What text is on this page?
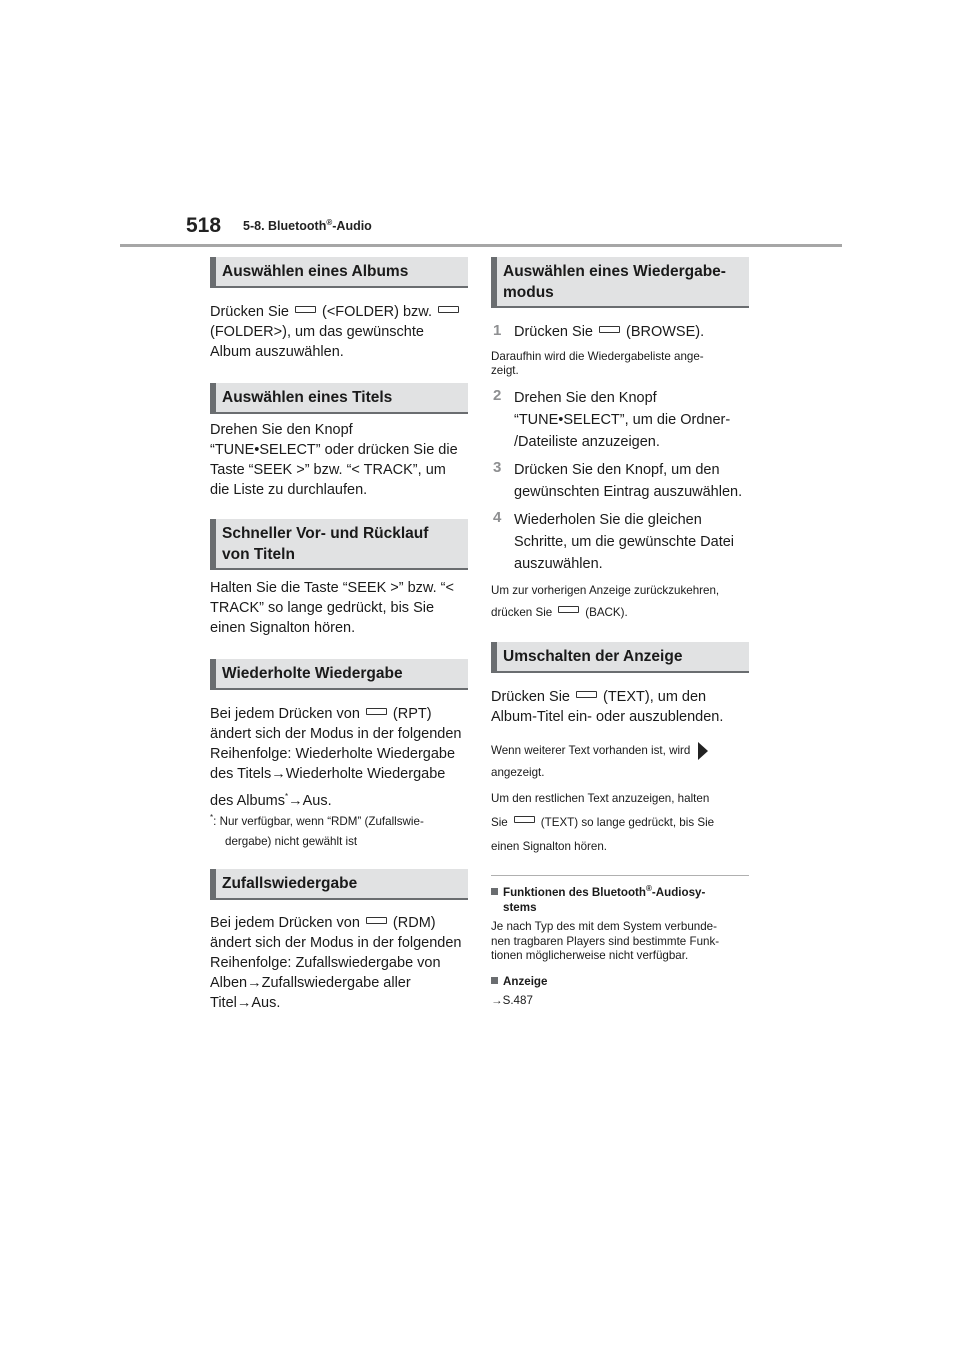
518 5-8. Bluetooth®-Audio
Auswählen eines Albums
Drücken Sie (<FOLDER) bzw.
(FOLDER>), um das gewünschte
Album auszuwählen.
Auswählen eines Titels
Drehen Sie den Knopf
“TUNE•SELECT” oder drücken Sie die
Taste “SEEK >” bzw. “< TRACK”, um
die Liste zu durchlaufen.
Schneller Vor- und Rücklauf
von Titeln
Halten Sie die Taste “SEEK >” bzw. “<
TRACK” so lange gedrückt, bis Sie
einen Signalton hören.
Wiederholte Wiedergabe
Bei jedem Drücken von (RPT)
ändert sich der Modus in der folgenden
Reihenfolge: Wiederholte Wiedergabe
des Titels→Wiederholte Wiedergabe
des Albums*→Aus.
*: Nur verfügbar, wenn “RDM” (Zufallswie-
dergabe) nicht gewählt ist
Zufallswiedergabe
Bei jedem Drücken von (RDM)
ändert sich der Modus in der folgenden
Reihenfolge: Zufallswiedergabe von
Alben→Zufallswiedergabe aller
Titel→Aus.
Auswählen eines Wiedergabe-
modus
1 Drücken Sie (BROWSE).
Daraufhin wird die Wiedergabeliste ange-
zeigt.
2 Drehen Sie den Knopf
“TUNE•SELECT”, um die Ordner-
/Dateiliste anzuzeigen.
3 Drücken Sie den Knopf, um den
gewünschten Eintrag auszuwählen.
4 Wiederholen Sie die gleichen
Schritte, um die gewünschte Datei
auszuwählen.
Um zur vorherigen Anzeige zurückzukehren,
drücken Sie	(BACK).
Umschalten der Anzeige
Drücken Sie (TEXT), um den
Album-Titel ein- oder auszublenden.
Wenn weiterer Text vorhanden ist, wird
angezeigt.
Um den restlichen Text anzuzeigen, halten
Sie	(TEXT) so lange gedrückt, bis Sie
einen Signalton hören.
Funktionen des Bluetooth®-Audiosy-
stems
Je nach Typ des mit dem System verbunde-
nen tragbaren Players sind bestimmte Funk-
tionen möglicherweise nicht verfügbar.
Anzeige
→S.487
